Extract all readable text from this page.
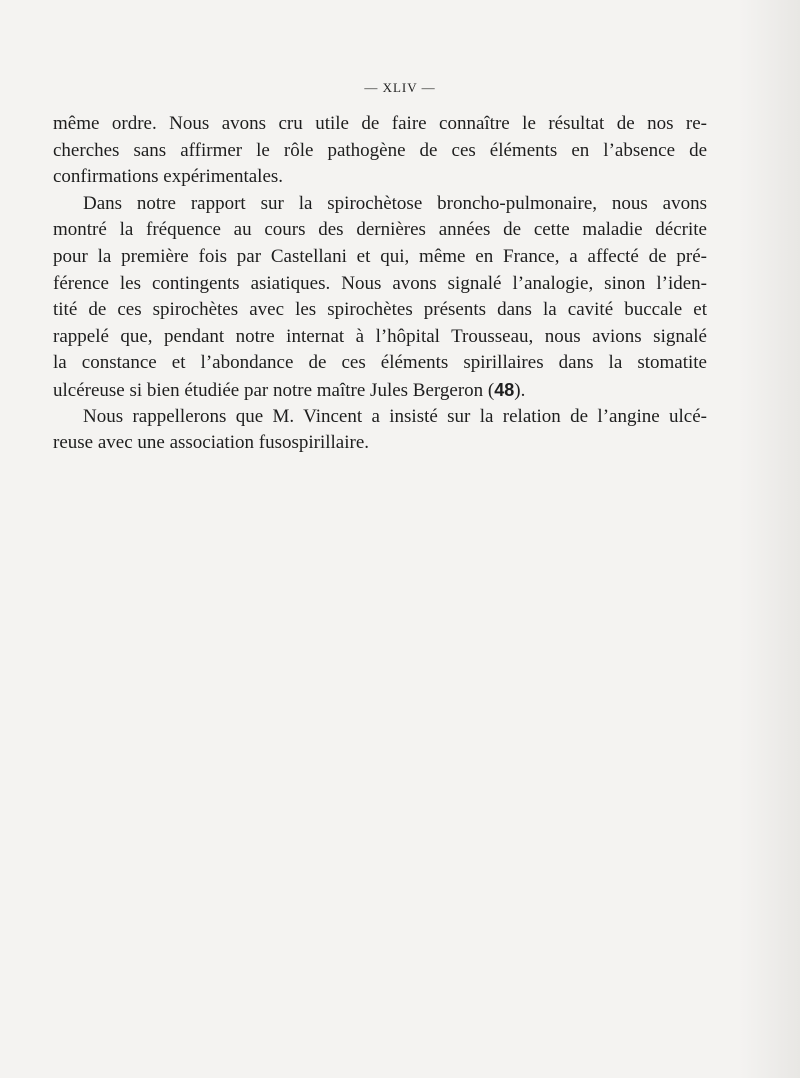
— XLIV —
même ordre. Nous avons cru utile de faire connaître le résultat de nos re-
cherches sans affirmer le rôle pathogène de ces éléments en l’absence de
confirmations expérimentales.
Dans notre rapport sur la spirochètose broncho-pulmonaire, nous avons
montré la fréquence au cours des dernières années de cette maladie décrite
pour la première fois par Castellani et qui, même en France, a affecté de pré-
férence les contingents asiatiques. Nous avons signalé l’analogie, sinon l’iden-
tité de ces spirochètes avec les spirochètes présents dans la cavité buccale et
rappelé que, pendant notre internat à l’hôpital Trousseau, nous avions signalé
la constance et l’abondance de ces éléments spirillaires dans la stomatite
ulcéreuse si bien étudiée par notre maître Jules Bergeron (48).
Nous rappellerons que M. Vincent a insisté sur la relation de l’angine ulcé-
reuse avec une association fusospirillaire.
